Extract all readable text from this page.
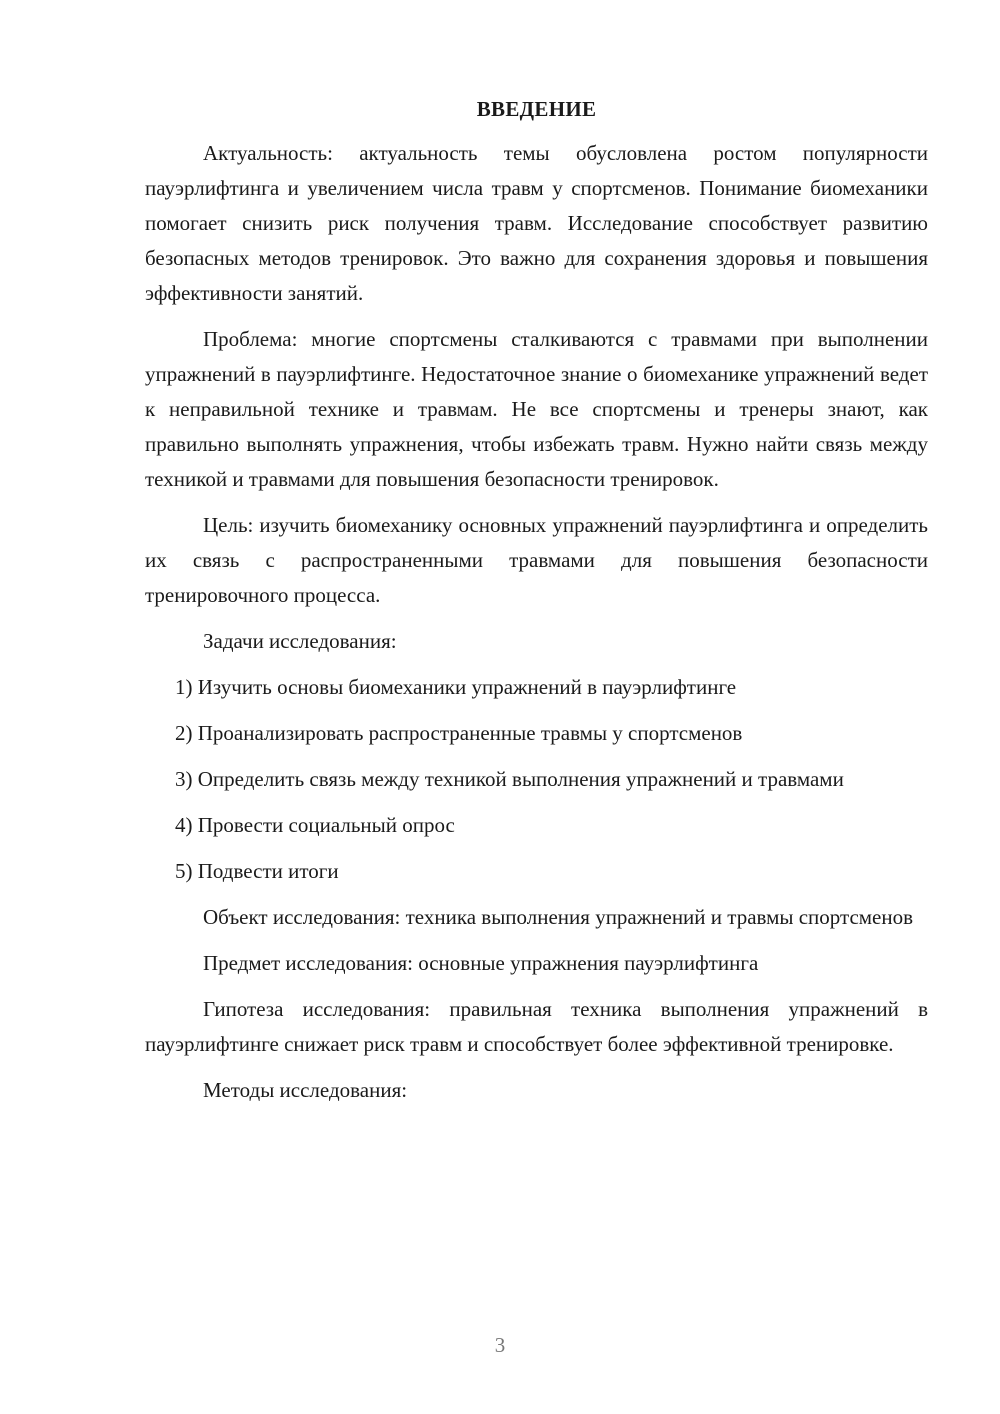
ВВЕДЕНИЕ

Актуальность: актуальность темы обусловлена ростом популярности пауэрлифтинга и увеличением числа травм у спортсменов. Понимание биомеханики помогает снизить риск получения травм. Исследование способствует развитию безопасных методов тренировок. Это важно для сохранения здоровья и повышения эффективности занятий.

Проблема: многие спортсмены сталкиваются с травмами при выполнении упражнений в пауэрлифтинге. Недостаточное знание о биомеханике упражнений ведет к неправильной технике и травмам. Не все спортсмены и тренеры знают, как правильно выполнять упражнения, чтобы избежать травм. Нужно найти связь между техникой и травмами для повышения безопасности тренировок.

Цель: изучить биомеханику основных упражнений пауэрлифтинга и определить их связь с распространенными травмами для повышения безопасности тренировочного процесса.

Задачи исследования:

1) Изучить основы биомеханики упражнений в пауэрлифтинге

2) Проанализировать распространенные травмы у спортсменов

3) Определить связь между техникой выполнения упражнений и травмами

4) Провести социальный опрос

5) Подвести итоги

Объект исследования: техника выполнения упражнений и травмы спортсменов

Предмет исследования: основные упражнения пауэрлифтинга

Гипотеза исследования: правильная техника выполнения упражнений в пауэрлифтинге снижает риск травм и способствует более эффективной тренировке.

Методы исследования:

3
